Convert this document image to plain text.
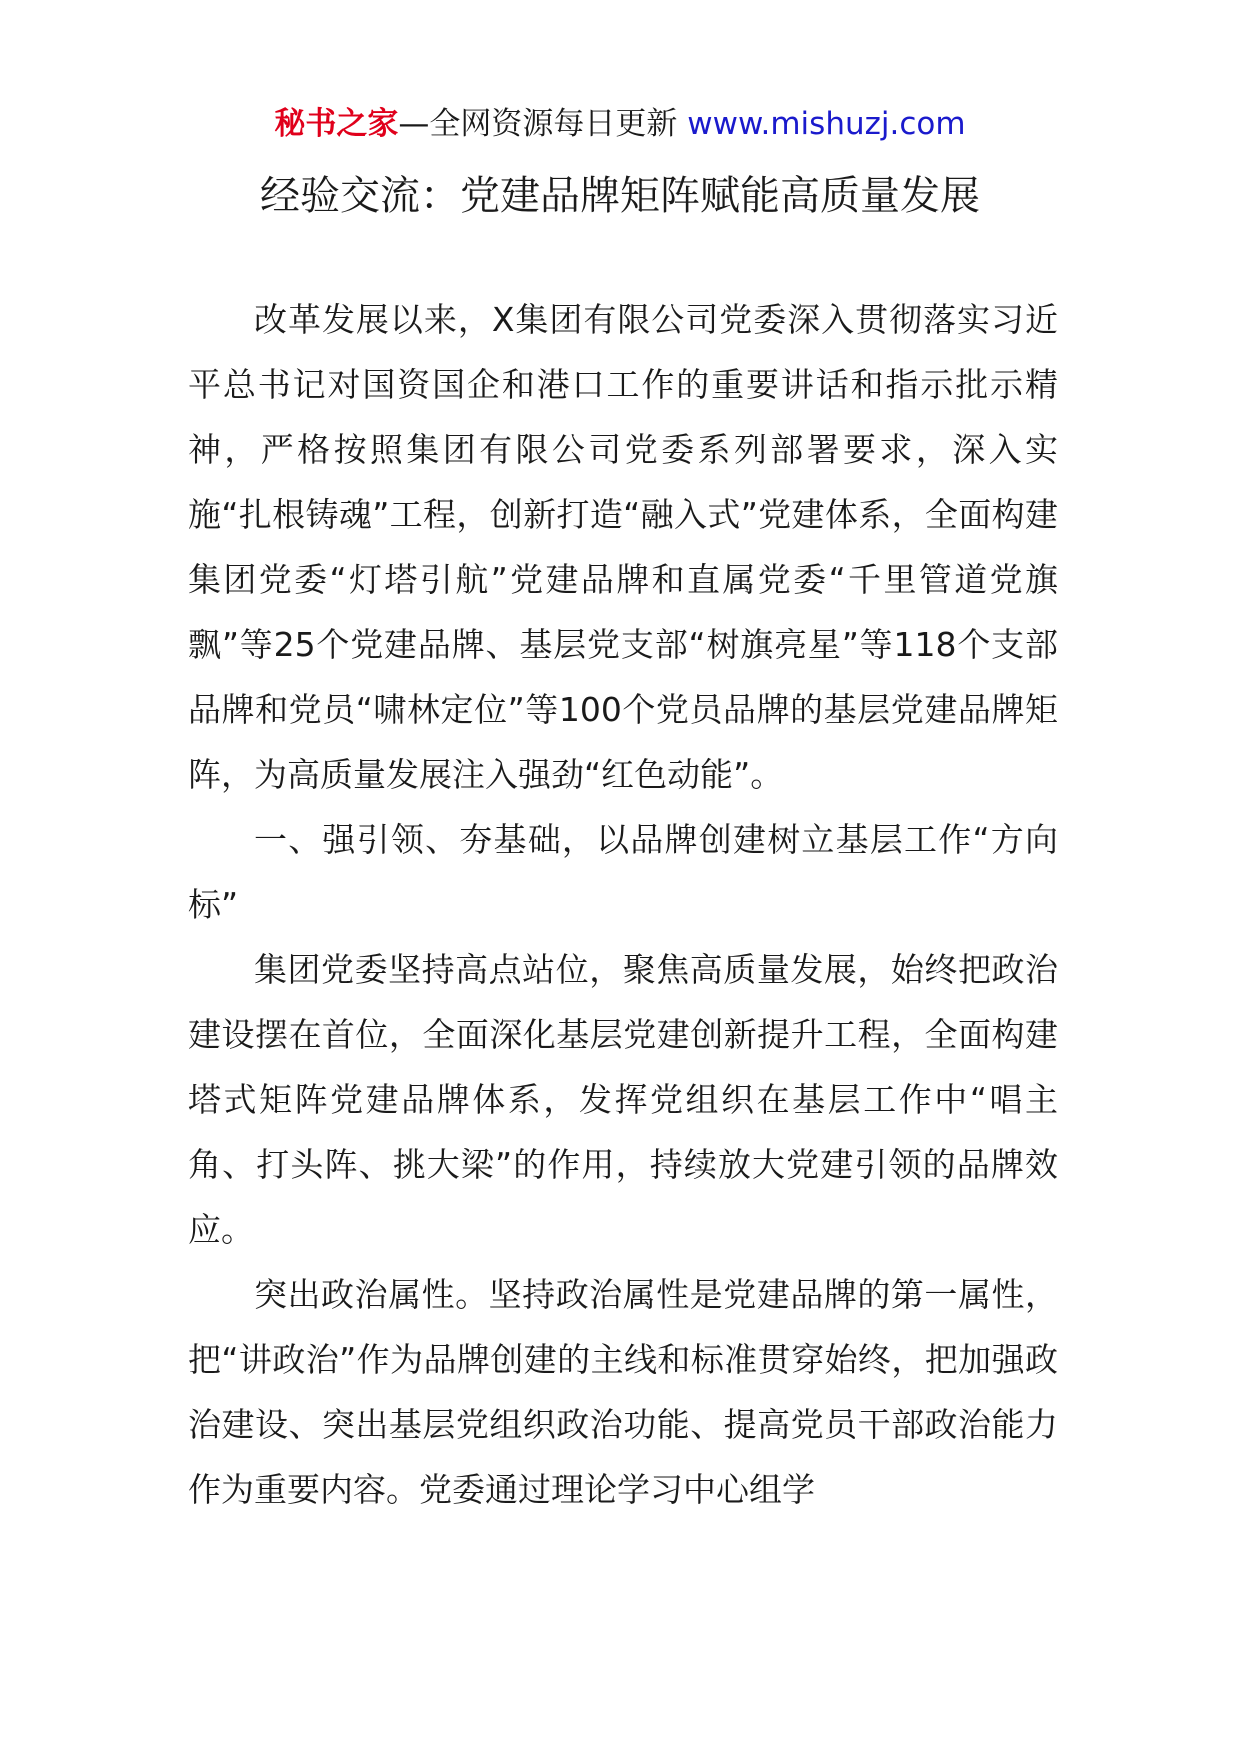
秘书之家—全网资源每日更新 www.mishuzj.com
经验交流：党建品牌矩阵赋能高质量发展

改革发展以来，X集团有限公司党委深入贯彻落实习近平总书记对国资国企和港口工作的重要讲话和指示批示精神，严格按照集团有限公司党委系列部署要求，深入实施“扎根铸魂”工程，创新打造“融入式”党建体系，全面构建集团党委“灯塔引航”党建品牌和直属党委“千里管道党旗飘”等25个党建品牌、基层党支部“树旗亮星”等118个支部品牌和党员“啸林定位”等100个党员品牌的基层党建品牌矩阵，为高质量发展注入强劲“红色动能”。

一、强引领、夯基础，以品牌创建树立基层工作“方向标”

集团党委坚持高点站位，聚焦高质量发展，始终把政治建设摆在首位，全面深化基层党建创新提升工程，全面构建塔式矩阵党建品牌体系，发挥党组织在基层工作中“唱主角、打头阵、挑大梁”的作用，持续放大党建引领的品牌效应。

突出政治属性。坚持政治属性是党建品牌的第一属性，把“讲政治”作为品牌创建的主线和标准贯穿始终，把加强政治建设、突出基层党组织政治功能、提高党员干部政治能力作为重要内容。党委通过理论学习中心组学
